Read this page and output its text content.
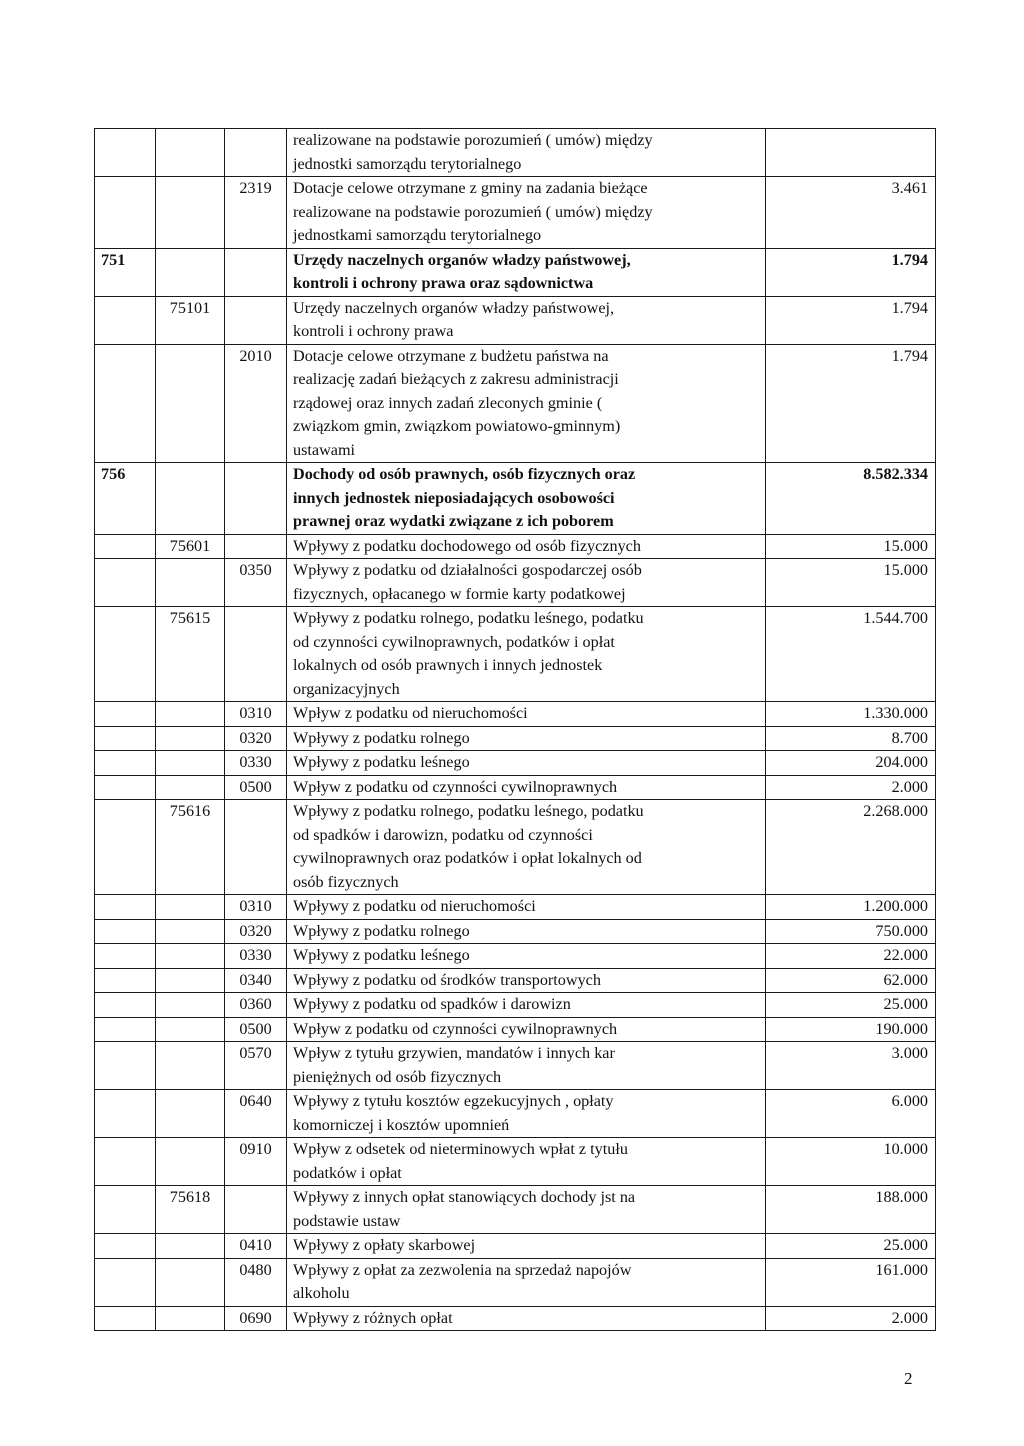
			realizowane na podstawie porozumień ( umów) między
jednostki samorządu terytorialnego	
		2319	Dotacje celowe otrzymane z gminy na zadania bieżące
realizowane na podstawie porozumień ( umów) między
jednostkami samorządu terytorialnego	3.461
751			Urzędy naczelnych organów władzy państwowej,
kontroli i ochrony prawa oraz sądownictwa	1.794
	75101		Urzędy naczelnych organów władzy państwowej,
kontroli i ochrony prawa	1.794
		2010	Dotacje celowe otrzymane z budżetu państwa na
realizację zadań bieżących z zakresu administracji
rządowej oraz innych zadań zleconych gminie (
związkom gmin, związkom powiatowo-gminnym)
ustawami	1.794
756			Dochody od osób prawnych, osób fizycznych oraz
innych jednostek nieposiadających osobowości
prawnej oraz wydatki związane z ich poborem	8.582.334
	75601		Wpływy z podatku dochodowego od osób fizycznych	15.000
		0350	Wpływy z podatku od działalności gospodarczej osób
fizycznych, opłacanego w formie karty podatkowej	15.000
	75615		Wpływy z podatku rolnego, podatku leśnego, podatku
od czynności cywilnoprawnych, podatków i opłat
lokalnych od osób prawnych i innych jednostek
organizacyjnych	1.544.700
		0310	Wpływ z podatku od nieruchomości	1.330.000
		0320	Wpływy z podatku rolnego	8.700
		0330	Wpływy z podatku leśnego	204.000
		0500	Wpływ z podatku od czynności cywilnoprawnych	2.000
	75616		Wpływy z podatku rolnego, podatku leśnego, podatku
od spadków i darowizn, podatku od czynności
cywilnoprawnych oraz podatków i opłat lokalnych od
osób fizycznych	2.268.000
		0310	Wpływy z podatku od nieruchomości	1.200.000
		0320	Wpływy z podatku rolnego	750.000
		0330	Wpływy z podatku leśnego	22.000
		0340	Wpływy z podatku od środków transportowych	62.000
		0360	Wpływy z podatku od spadków i darowizn	25.000
		0500	Wpływ z podatku od czynności cywilnoprawnych	190.000
		0570	Wpływ z tytułu grzywien, mandatów i innych kar
pieniężnych od osób fizycznych	3.000
		0640	Wpływy z tytułu kosztów egzekucyjnych , opłaty
komorniczej i kosztów upomnień	6.000
		0910	Wpływ z odsetek od nieterminowych wpłat z tytułu
podatków i opłat	10.000
	75618		Wpływy z innych opłat stanowiących dochody jst na
podstawie ustaw	188.000
		0410	Wpływy z opłaty skarbowej	25.000
		0480	Wpływy z opłat za zezwolenia na sprzedaż napojów
alkoholu	161.000
		0690	Wpływy z różnych opłat	2.000
2
